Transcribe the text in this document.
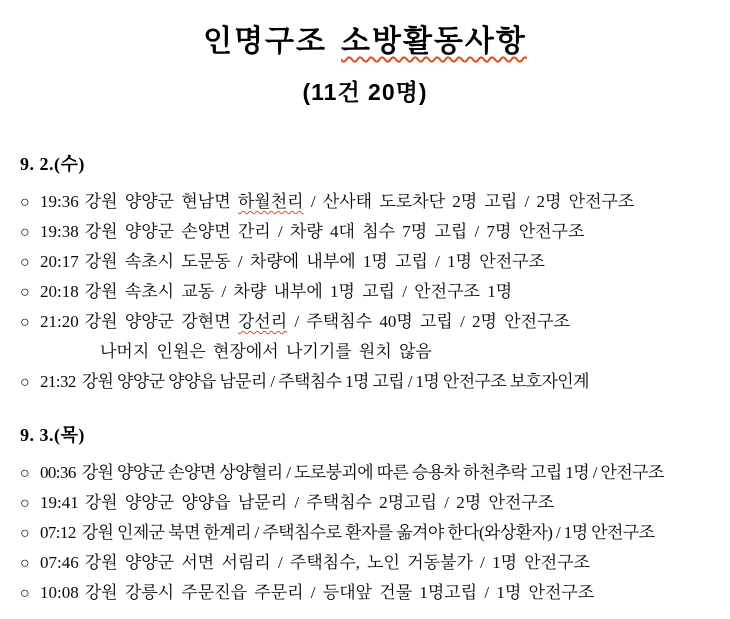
인명구조 소방활동사항
(11건 20명)
9. 2.(수)
○ 19:36 강원 양양군 현남면 하월천리 / 산사태 도로차단 2명 고립 / 2명 안전구조
○ 19:38 강원 양양군 손양면 간리 / 차량 4대 침수 7명 고립 / 7명 안전구조
○ 20:17 강원 속초시 도문동 / 차량에 내부에 1명 고립 / 1명 안전구조
○ 20:18 강원 속초시 교동 / 차량 내부에 1명 고립 / 안전구조 1명
○ 21:20 강원 양양군 강현면 강선리 / 주택침수 40명 고립 / 2명 안전구조
나머지 인원은 현장에서 나기기를 원치 않음
○ 21:32 강원 양양군 양양읍 남문리 / 주택침수 1명 고립 / 1명 안전구조 보호자인계
9. 3.(목)
○ 00:36 강원 양양군 손양면 상양혈리 / 도로붕괴에 따른 승용차 하천추락 고립 1명 / 안전구조
○ 19:41 강원 양양군 양양읍 남문리 / 주택침수 2명고립 / 2명 안전구조
○ 07:12 강원 인제군 북면 한계리 / 주택침수로 환자를 옮겨야 한다(와상환자) / 1명 안전구조
○ 07:46 강원 양양군 서면 서림리 / 주택침수, 노인 거동불가 / 1명 안전구조
○ 10:08 강원 강릉시 주문진읍 주문리 / 등대앞 건물 1명고립 / 1명 안전구조
